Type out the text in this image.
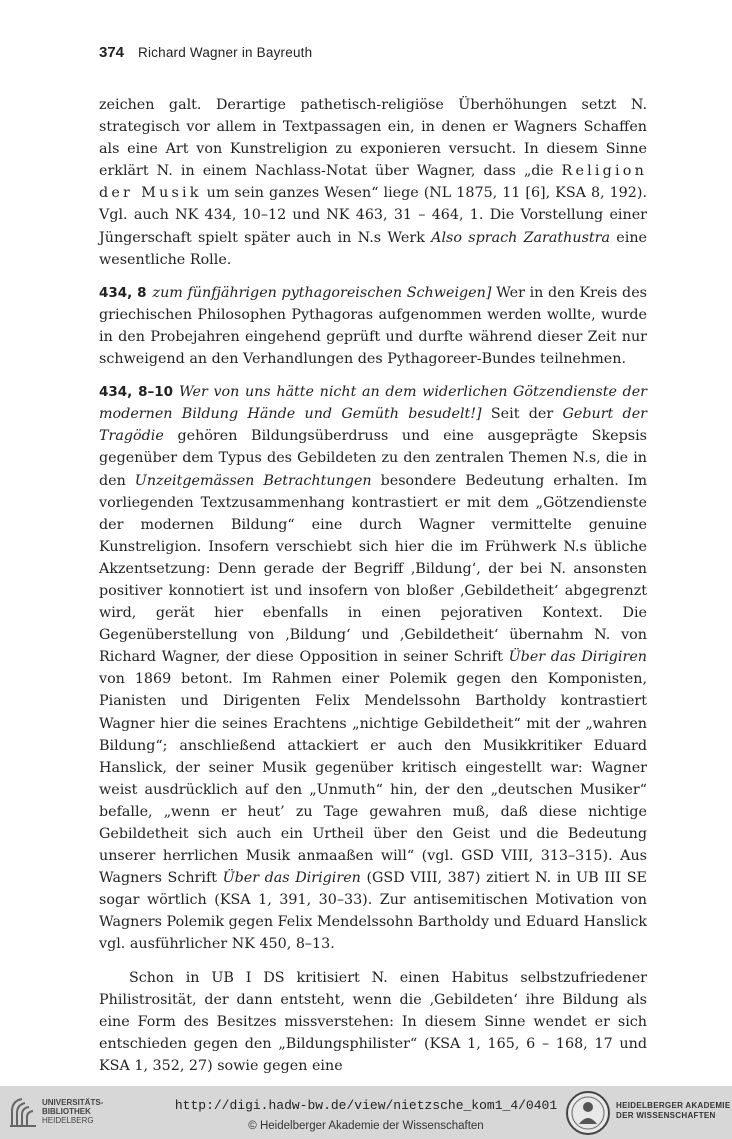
374 Richard Wagner in Bayreuth

zeichen galt. Derartige pathetisch-religiöse Überhöhungen setzt N. strategisch vor allem in Textpassagen ein, in denen er Wagners Schaffen als eine Art von Kunstreligion zu exponieren versucht. In diesem Sinne erklärt N. in einem Nachlass-Notat über Wagner, dass „die Religion der Musik um sein ganzes Wesen“ liege (NL 1875, 11 [6], KSA 8, 192). Vgl. auch NK 434, 10–12 und NK 463, 31 – 464, 1. Die Vorstellung einer Jüngerschaft spielt später auch in N.s Werk Also sprach Zarathustra eine wesentliche Rolle.

434, 8 zum fünfjährigen pythagoreischen Schweigen] Wer in den Kreis des griechischen Philosophen Pythagoras aufgenommen werden wollte, wurde in den Probejahren eingehend geprüft und durfte während dieser Zeit nur schweigend an den Verhandlungen des Pythagoreer-Bundes teilnehmen.

434, 8–10 Wer von uns hätte nicht an dem widerlichen Götzendienste der modernen Bildung Hände und Gemüth besudelt!] Seit der Geburt der Tragödie gehören Bildungsüberdruss und eine ausgeprägte Skepsis gegenüber dem Typus des Gebildeten zu den zentralen Themen N.s, die in den Unzeitgemässen Betrachtungen besondere Bedeutung erhalten. Im vorliegenden Textzusammenhang kontrastiert er mit dem „Götzendienste der modernen Bildung“ eine durch Wagner vermittelte genuine Kunstreligion. Insofern verschiebt sich hier die im Frühwerk N.s übliche Akzentsetzung: Denn gerade der Begriff ‚Bildung‘, der bei N. ansonsten positiver konnotiert ist und insofern von bloßer ‚Gebildetheit‘ abgegrenzt wird, gerät hier ebenfalls in einen pejorativen Kontext. Die Gegenüberstellung von ‚Bildung‘ und ‚Gebildetheit‘ übernahm N. von Richard Wagner, der diese Opposition in seiner Schrift Über das Dirigiren von 1869 betont. Im Rahmen einer Polemik gegen den Komponisten, Pianisten und Dirigenten Felix Mendelssohn Bartholdy kontrastiert Wagner hier die seines Erachtens „nichtige Gebildetheit“ mit der „wahren Bildung“; anschließend attackiert er auch den Musikkritiker Eduard Hanslick, der seiner Musik gegenüber kritisch eingestellt war: Wagner weist ausdrücklich auf den „Unmuth“ hin, der den „deutschen Musiker“ befalle, „wenn er heut’ zu Tage gewahren muß, daß diese nichtige Gebildetheit sich auch ein Urtheil über den Geist und die Bedeutung unserer herrlichen Musik anmaaßen will“ (vgl. GSD VIII, 313–315). Aus Wagners Schrift Über das Dirigiren (GSD VIII, 387) zitiert N. in UB III SE sogar wörtlich (KSA 1, 391, 30–33). Zur antisemitischen Motivation von Wagners Polemik gegen Felix Mendelssohn Bartholdy und Eduard Hanslick vgl. ausführlicher NK 450, 8–13.

Schon in UB I DS kritisiert N. einen Habitus selbstzufriedener Philistrosität, der dann entsteht, wenn die ‚Gebildeten‘ ihre Bildung als eine Form des Besitzes missverstehen: In diesem Sinne wendet er sich entschieden gegen den „Bildungsphilister“ (KSA 1, 165, 6 – 168, 17 und KSA 1, 352, 27) sowie gegen eine

UNIVERSITÄTS-
BIBLIOTHEK
HEIDELBERG
http://digi.hadw-bw.de/view/nietzsche_kom1_4/0401
© Heidelberger Akademie der Wissenschaften
HEIDELBERGER AKADEMIE
DER WISSENSCHAFTEN
